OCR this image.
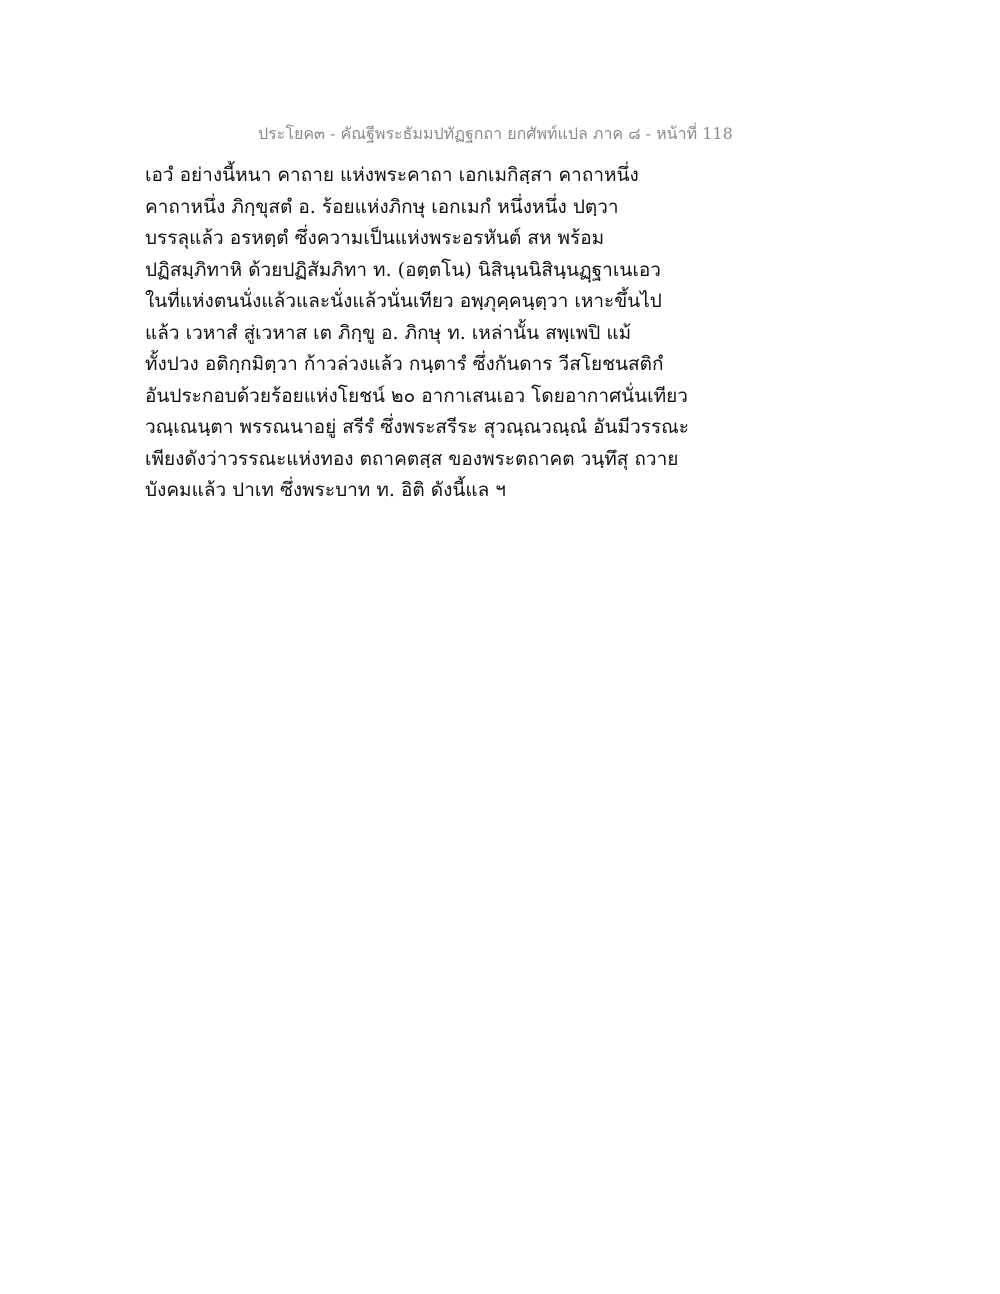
ประโยค๓ - คัณฐีพระธัมมปทัฏฐกถา ยกศัพท์แปล ภาค ๘ - หน้าที่ 118
เอวํ อย่างนี้หนา คาถาย แห่งพระคาถา เอกเมกิสฺสา คาถาหนึ่ง
คาถาหนึ่ง ภิกฺขุสตํ อ. ร้อยแห่งภิกษุ เอกเมกํ หนึ่งหนึ่ง ปตฺวา
บรรลุแล้ว อรหตฺตํ ซึ่งความเป็นแห่งพระอรหันต์ สห พร้อม
ปฏิสมฺภิทาหิ ด้วยปฏิสัมภิทา ท. (อตฺตโน) นิสินฺนนิสินฺนฏฺฐาเนเอว
ในที่แห่งตนนั่งแล้วและนั่งแล้วนั่นเทียว อพฺภุคฺคนฺตฺวา เหาะขึ้นไป
แล้ว เวหาสํ สู่เวหาส เต ภิกฺขู อ. ภิกษุ ท. เหล่านั้น สพฺเพปิ แม้
ทั้งปวง อติกฺกมิตฺวา ก้าวล่วงแล้ว กนฺตารํ ซึ่งกันดาร วีสโยชนสติกํ
อันประกอบด้วยร้อยแห่งโยชน์ ๒๐ อากาเสนเอว โดยอากาศนั่นเทียว
วณฺเณนฺตา พรรณนาอยู่ สรีรํ ซึ่งพระสรีระ สุวณฺณวณฺณํ อันมีวรรณะ
เพียงดังว่าวรรณะแห่งทอง ตถาคตสฺส ของพระตถาคต วนฺทึสุ ถวาย
บังคมแล้ว ปาเท ซึ่งพระบาท ท. อิติ ดังนี้แล ฯ
